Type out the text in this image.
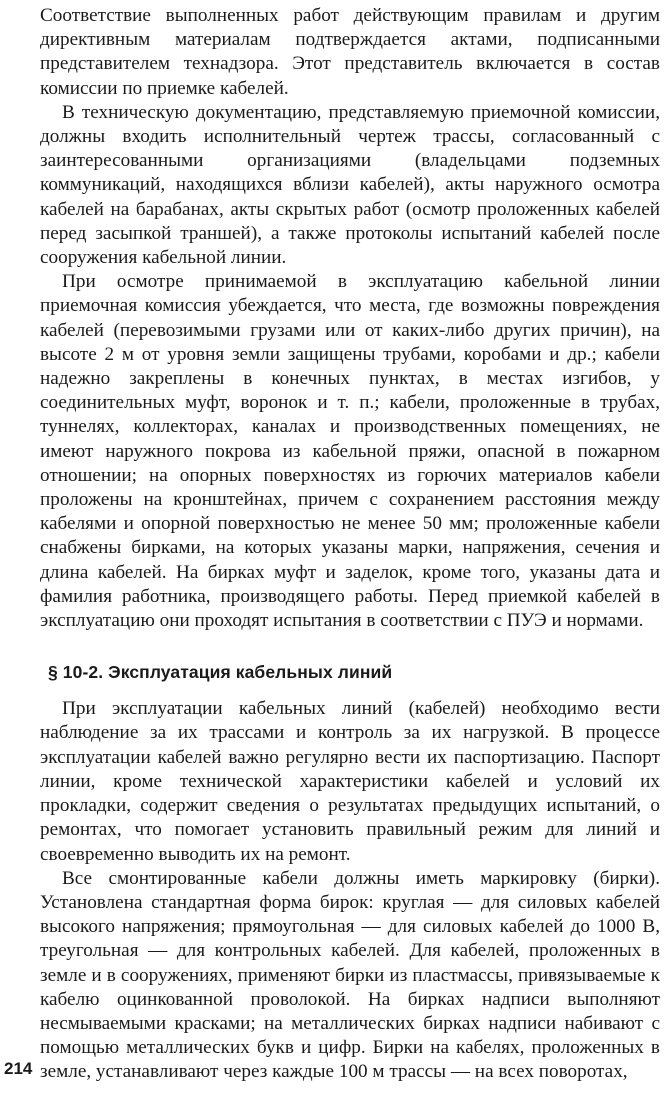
Соответствие выполненных работ действующим правилам и другим директивным материалам подтверждается актами, подписанными представителем технадзора. Этот представитель включается в состав комиссии по приемке кабелей.

В техническую документацию, представляемую приемочной комиссии, должны входить исполнительный чертеж трассы, согласованный с заинтересованными организациями (владельцами подземных коммуникаций, находящихся вблизи кабелей), акты наружного осмотра кабелей на барабанах, акты скрытых работ (осмотр проложенных кабелей перед засыпкой траншей), а также протоколы испытаний кабелей после сооружения кабельной линии.

При осмотре принимаемой в эксплуатацию кабельной линии приемочная комиссия убеждается, что места, где возможны повреждения кабелей (перевозимыми грузами или от каких-либо других причин), на высоте 2 м от уровня земли защищены трубами, коробами и др.; кабели надежно закреплены в конечных пунктах, в местах изгибов, у соединительных муфт, воронок и т. п.; кабели, проложенные в трубах, туннелях, коллекторах, каналах и производственных помещениях, не имеют наружного покрова из кабельной пряжи, опасной в пожарном отношении; на опорных поверхностях из горючих материалов кабели проложены на кронштейнах, причем с сохранением расстояния между кабелями и опорной поверхностью не менее 50 мм; проложенные кабели снабжены бирками, на которых указаны марки, напряжения, сечения и длина кабелей. На бирках муфт и заделок, кроме того, указаны дата и фамилия работника, производящего работы. Перед приемкой кабелей в эксплуатацию они проходят испытания в соответствии с ПУЭ и нормами.

§ 10-2. Эксплуатация кабельных линий

При эксплуатации кабельных линий (кабелей) необходимо вести наблюдение за их трассами и контроль за их нагрузкой. В процессе эксплуатации кабелей важно регулярно вести их паспортизацию. Паспорт линии, кроме технической характеристики кабелей и условий их прокладки, содержит сведения о результатах предыдущих испытаний, о ремонтах, что помогает установить правильный режим для линий и своевременно выводить их на ремонт.

Все смонтированные кабели должны иметь маркировку (бирки). Установлена стандартная форма бирок: круглая — для силовых кабелей высокого напряжения; прямоугольная — для силовых кабелей до 1000 В, треугольная — для контрольных кабелей. Для кабелей, проложенных в земле и в сооружениях, применяют бирки из пластмассы, привязываемые к кабелю оцинкованной проволокой. На бирках надписи выполняют несмываемыми красками; на металлических бирках надписи набивают с помощью металлических букв и цифр. Бирки на кабелях, проложенных в земле, устанавливают через каждые 100 м трассы — на всех поворотах,

214
